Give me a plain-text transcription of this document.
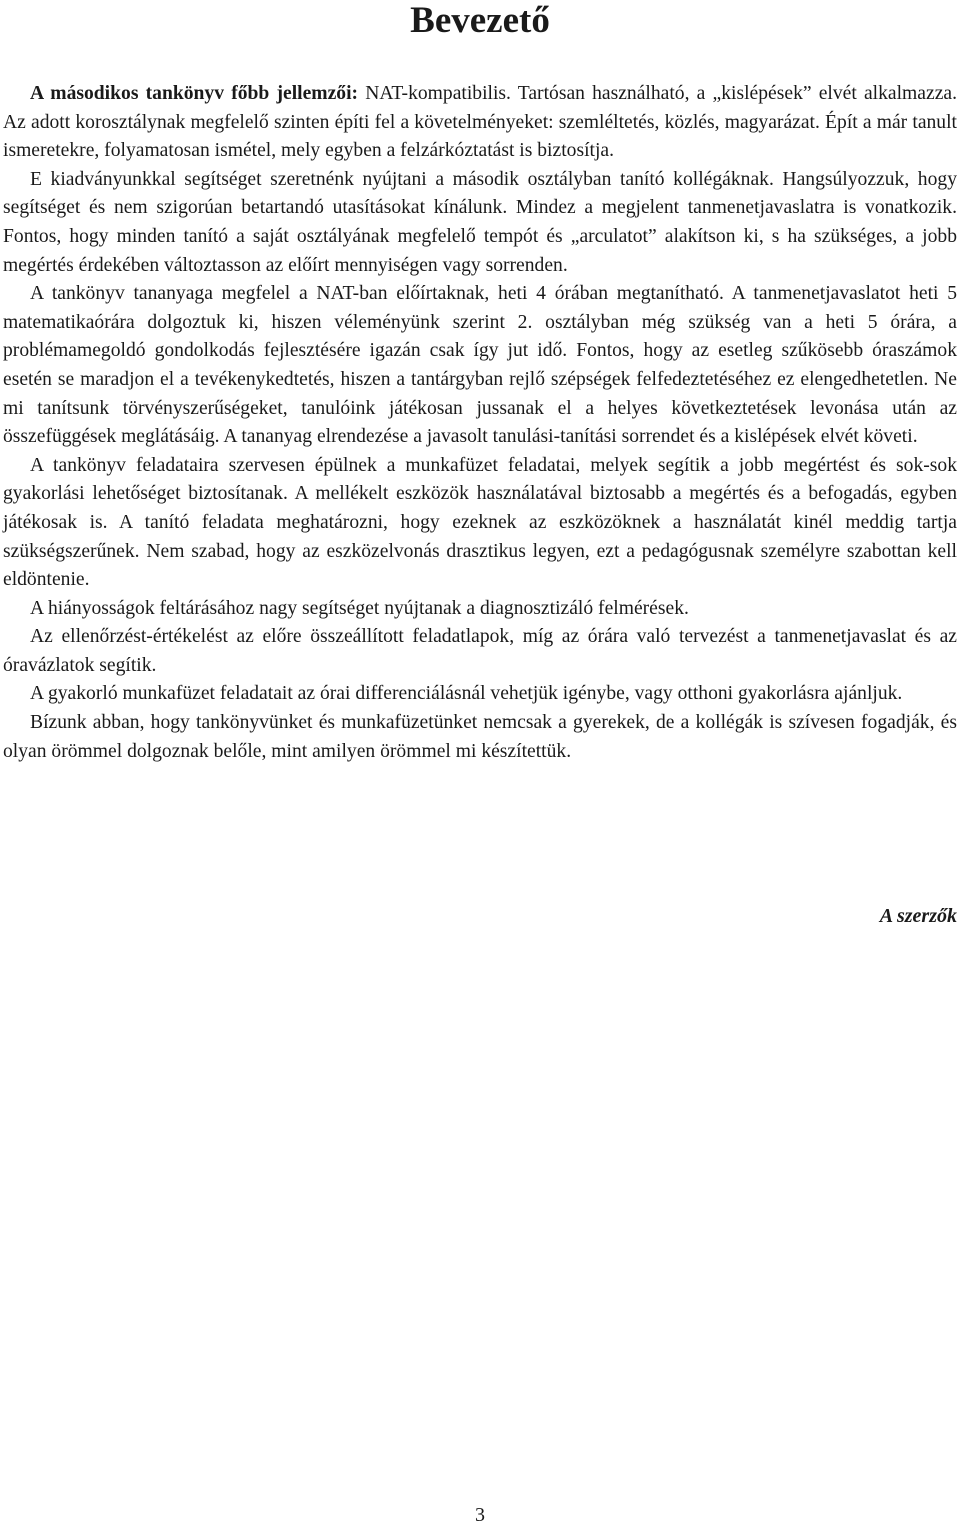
Bevezető

A másodikos tankönyv főbb jellemzői: NAT-kompatibilis. Tartósan használható, a „kislépések” elvét alkalmazza. Az adott korosztálynak megfelelő szinten építi fel a követelményeket: szemléltetés, közlés, magyarázat. Épít a már tanult ismeretekre, folyamatosan ismétel, mely egyben a felzárkóztatást is biztosítja.

E kiadványunkkal segítséget szeretnénk nyújtani a második osztályban tanító kollégáknak. Hangsúlyozzuk, hogy segítséget és nem szigorúan betartandó utasításokat kínálunk. Mindez a megjelent tanmenetjavaslatra is vonatkozik. Fontos, hogy minden tanító a saját osztályának megfelelő tempót és „arculatot” alakítson ki, s ha szükséges, a jobb megértés érdekében változtasson az előírt mennyiségen vagy sorrenden.

A tankönyv tananyaga megfelel a NAT-ban előírtaknak, heti 4 órában megtanítható. A tanmenetjavaslatot heti 5 matematikaórára dolgoztuk ki, hiszen véleményünk szerint 2. osztályban még szükség van a heti 5 órára, a problémamegoldó gondolkodás fejlesztésére igazán csak így jut idő. Fontos, hogy az esetleg szűkösebb óraszámok esetén se maradjon el a tevékenykedtetés, hiszen a tantárgyban rejlő szépségek felfedeztetéséhez ez elengedhetetlen. Ne mi tanítsunk törvényszerűségeket, tanulóink játékosan jussanak el a helyes következtetések levonása után az összefüggések meglátásáig. A tananyag elrendezése a javasolt tanulási-tanítási sorrendet és a kislépések elvét követi.

A tankönyv feladataira szervesen épülnek a munkafüzet feladatai, melyek segítik a jobb megértést és sok-sok gyakorlási lehetőséget biztosítanak. A mellékelt eszközök használatával biztosabb a megértés és a befogadás, egyben játékosak is. A tanító feladata meghatározni, hogy ezeknek az eszközöknek a használatát kinél meddig tartja szükségszerűnek. Nem szabad, hogy az eszközelvonás drasztikus legyen, ezt a pedagógusnak személyre szabottan kell eldöntenie.

A hiányosságok feltárásához nagy segítséget nyújtanak a diagnosztizáló felmérések.

Az ellenőrzést-értékelést az előre összeállított feladatlapok, míg az órára való tervezést a tanmenetjavaslat és az óravázlatok segítik.

A gyakorló munkafüzet feladatait az órai differenciálásnál vehetjük igénybe, vagy otthoni gyakorlásra ajánljuk.

Bízunk abban, hogy tankönyvünket és munkafüzetünket nemcsak a gyerekek, de a kollégák is szívesen fogadják, és olyan örömmel dolgoznak belőle, mint amilyen örömmel mi készítettük.

A szerzők
3
